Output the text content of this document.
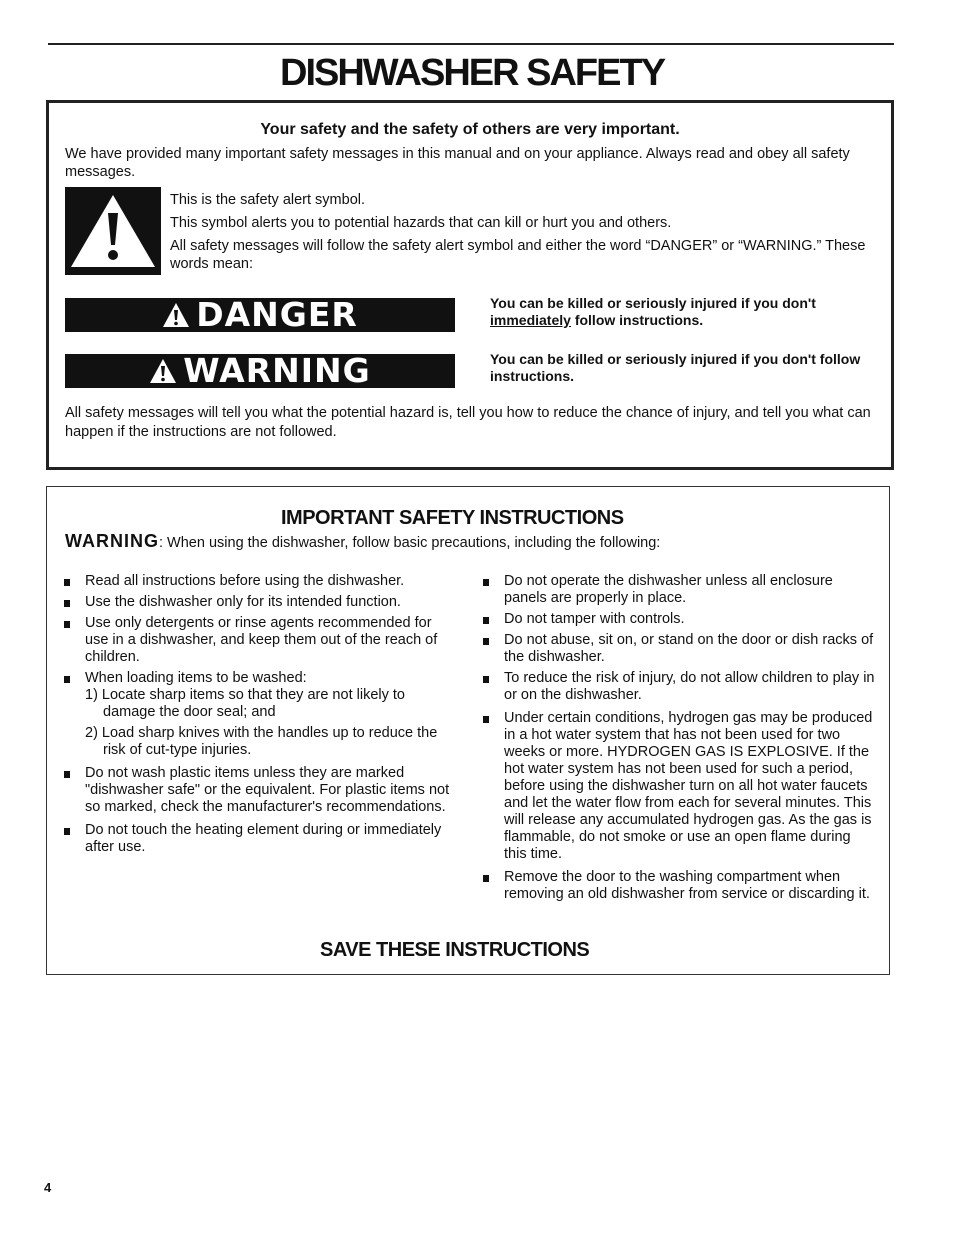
DISHWASHER SAFETY
Your safety and the safety of others are very important.
We have provided many important safety messages in this manual and on your appliance. Always read and obey all safety messages.

This is the safety alert symbol.

This symbol alerts you to potential hazards that can kill or hurt you and others.

All safety messages will follow the safety alert symbol and either the word “DANGER” or “WARNING.” These words mean:

DANGER	You can be killed or seriously injured if you don't immediately follow instructions.
WARNING	You can be killed or seriously injured if you don't follow instructions.
All safety messages will tell you what the potential hazard is, tell you how to reduce the chance of injury, and tell you what can happen if the instructions are not followed.
IMPORTANT SAFETY INSTRUCTIONS
WARNING: When using the dishwasher, follow basic precautions, including the following:
Read all instructions before using the dishwasher.
Use the dishwasher only for its intended function.
Use only detergents or rinse agents recommended for use in a dishwasher, and keep them out of the reach of children.
When loading items to be washed:

1) Locate sharp items so that they are not likely to damage the door seal; and

2) Load sharp knives with the handles up to reduce the risk of cut-type injuries.

Do not wash plastic items unless they are marked "dishwasher safe" or the equivalent. For plastic items not so marked, check the manufacturer's recommendations.
Do not touch the heating element during or immediately after use.
Do not operate the dishwasher unless all enclosure panels are properly in place.
Do not tamper with controls.
Do not abuse, sit on, or stand on the door or dish racks of the dishwasher.
To reduce the risk of injury, do not allow children to play in or on the dishwasher.
Under certain conditions, hydrogen gas may be produced in a hot water system that has not been used for two weeks or more. HYDROGEN GAS IS EXPLOSIVE. If the hot water system has not been used for such a period, before using the dishwasher turn on all hot water faucets and let the water flow from each for several minutes. This will release any accumulated hydrogen gas. As the gas is flammable, do not smoke or use an open flame during this time.
Remove the door to the washing compartment when removing an old dishwasher from service or discarding it.
SAVE THESE INSTRUCTIONS
4
